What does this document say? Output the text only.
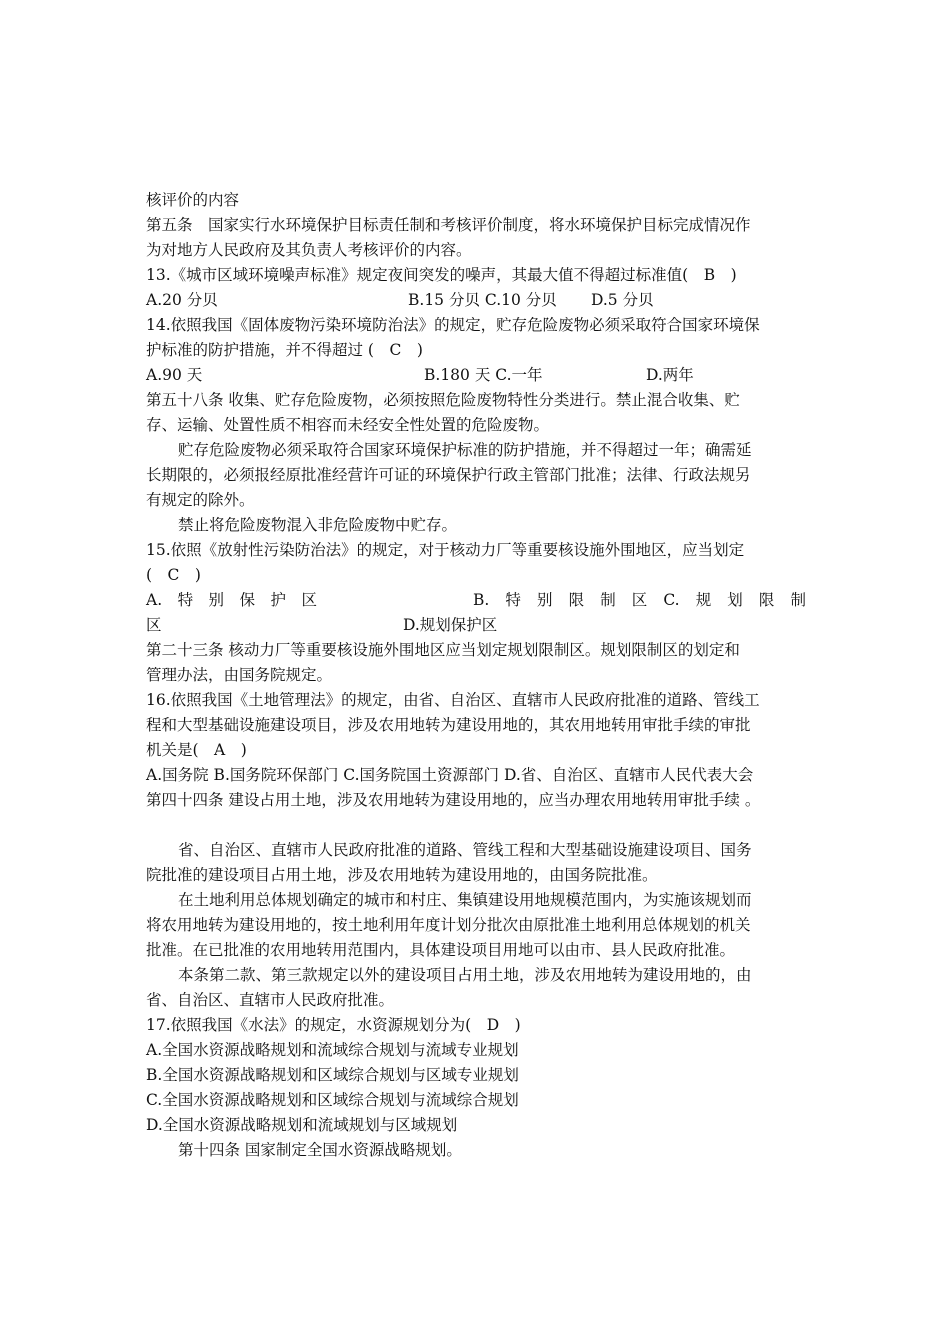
核评价的内容
第五条　国家实行水环境保护目标责任制和考核评价制度，将水环境保护目标完成情况作
为对地方人民政府及其负责人考核评价的内容。
13.《城市区域环境噪声标准》规定夜间突发的噪声，其最大值不得超过标准值(　B　)
A.20 分贝	B.15 分贝 C.10 分贝 D.5 分贝
14.依照我国《固体废物污染环境防治法》的规定，贮存危险废物必须采取符合国家环境保
护标准的防护措施，并不得超过 (　C　)
A.90 天	B.180 天 C.一年	D.两年
第五十八条 收集、贮存危险废物，必须按照危险废物特性分类进行。禁止混合收集、贮
存、运输、处置性质不相容而未经安全性处置的危险废物。
贮存危险废物必须采取符合国家环境保护标准的防护措施，并不得超过一年；确需延
长期限的，必须报经原批准经营许可证的环境保护行政主管部门批准；法律、行政法规另
有规定的除外。
禁止将危险废物混入非危险废物中贮存。
15.依照《放射性污染防治法》的规定，对于核动力厂等重要核设施外围地区，应当划定
(　C　)
A. 特 别 保 护 区	B. 特 别 限 制 区 C. 规 划 限 制
区	D.规划保护区
第二十三条 核动力厂等重要核设施外围地区应当划定规划限制区。规划限制区的划定和
管理办法，由国务院规定。
16.依照我国《土地管理法》的规定，由省、自治区、直辖市人民政府批准的道路、管线工
程和大型基础设施建设项目，涉及农用地转为建设用地的，其农用地转用审批手续的审批
机关是(　A　)
A.国务院 B.国务院环保部门 C.国务院国土资源部门 D.省、自治区、直辖市人民代表大会
第四十四条 建设占用土地，涉及农用地转为建设用地的，应当办理农用地转用审批手续 。
省、自治区、直辖市人民政府批准的道路、管线工程和大型基础设施建设项目、国务
院批准的建设项目占用土地，涉及农用地转为建设用地的，由国务院批准。
在土地利用总体规划确定的城市和村庄、集镇建设用地规模范围内，为实施该规划而
将农用地转为建设用地的，按土地利用年度计划分批次由原批准土地利用总体规划的机关
批准。在已批准的农用地转用范围内，具体建设项目用地可以由市、县人民政府批准。
本条第二款、第三款规定以外的建设项目占用土地，涉及农用地转为建设用地的，由
省、自治区、直辖市人民政府批准。
17.依照我国《水法》的规定，水资源规划分为(　D　)
A.全国水资源战略规划和流域综合规划与流域专业规划
B.全国水资源战略规划和区域综合规划与区域专业规划
C.全国水资源战略规划和区域综合规划与流域综合规划
D.全国水资源战略规划和流域规划与区域规划
第十四条 国家制定全国水资源战略规划。
